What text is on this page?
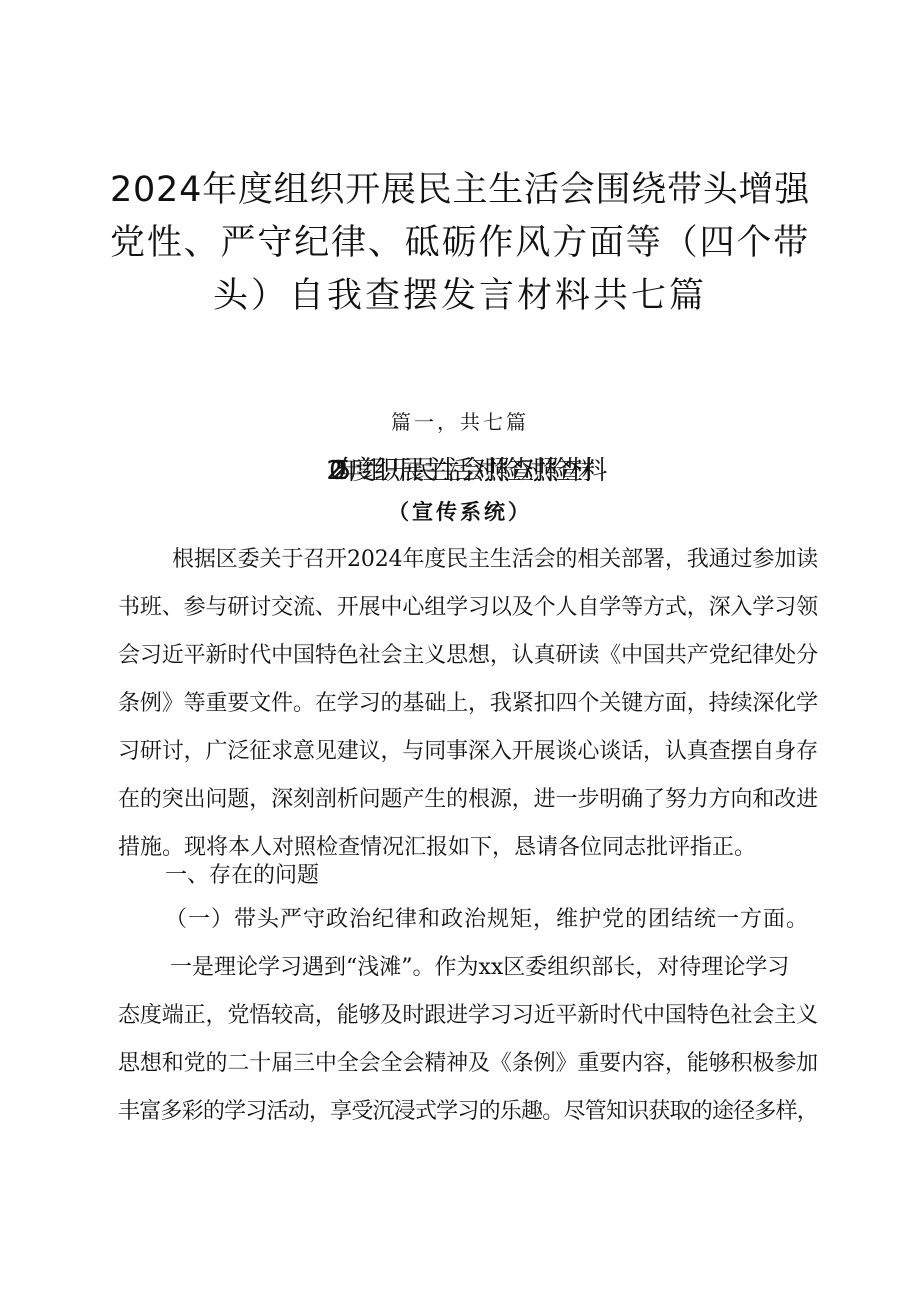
2024年度组织开展民主生活会围绕带头增强
党性、严守纪律、砥砺作风方面等（四个带
头）自我查摆发言材料共七篇
篇一，共七篇
2025年度组织开展民主生活会对照检查对照检查材料
（宣传系统）
根据区委关于召开2024年度民主生活会的相关部署，我通过参加读
书班、参与研讨交流、开展中心组学习以及个人自学等方式，深入学习领
会习近平新时代中国特色社会主义思想，认真研读《中国共产党纪律处分
条例》等重要文件。在学习的基础上，我紧扣四个关键方面，持续深化学
习研讨，广泛征求意见建议，与同事深入开展谈心谈话，认真查摆自身存
在的突出问题，深刻剖析问题产生的根源，进一步明确了努力方向和改进
措施。现将本人对照检查情况汇报如下，恳请各位同志批评指正。
一、存在的问题
（一）带头严守政治纪律和政治规矩，维护党的团结统一方面。
一是理论学习遇到“浅滩”。作为xx区委组织部长，对待理论学习
态度端正，党悟较高，能够及时跟进学习习近平新时代中国特色社会主义
思想和党的二十届三中全会全会精神及《条例》重要内容，能够积极参加
丰富多彩的学习活动，享受沉浸式学习的乐趣。尽管知识获取的途径多样，
